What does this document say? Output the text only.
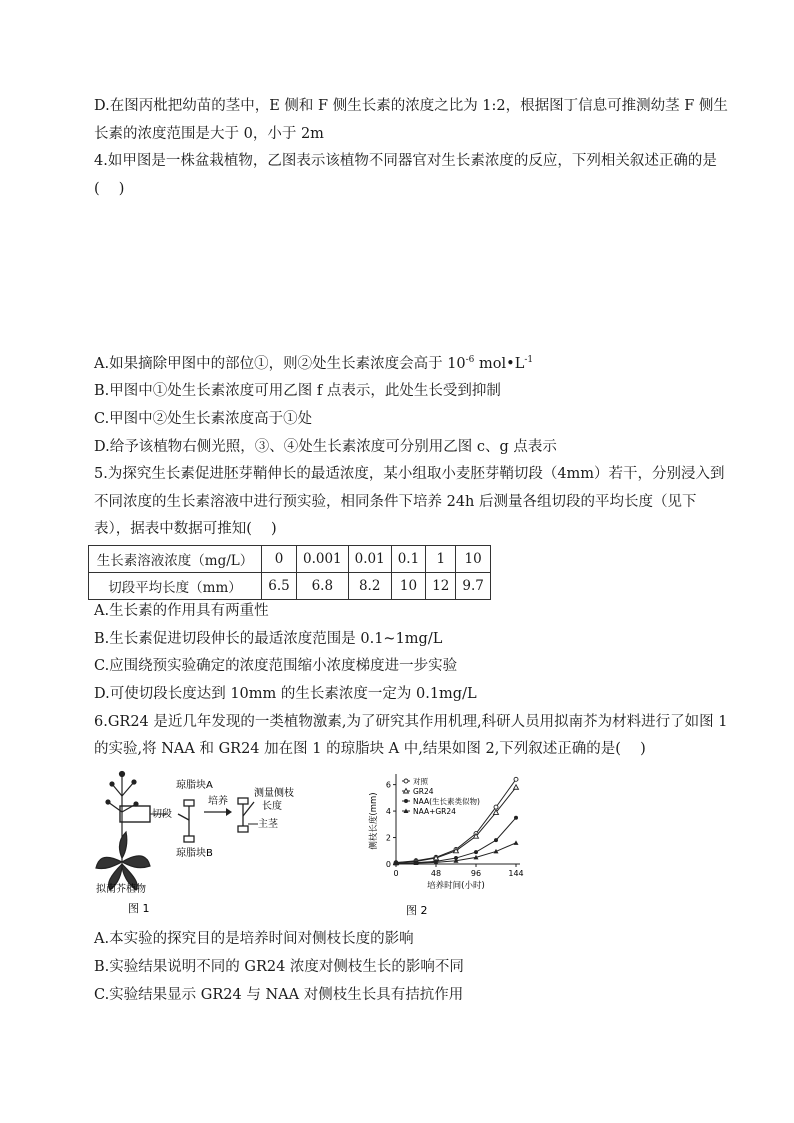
D.在图丙枇把幼苗的茎中，E 侧和 F 侧生长素的浓度之比为 1:2，根据图丁信息可推测幼茎 F 侧生
长素的浓度范围是大于 0，小于 2m
4.如甲图是一株盆栽植物，乙图表示该植物不同器官对生长素浓度的反应，下列相关叙述正确的是
(　 )
A.如果摘除甲图中的部位①，则②处生长素浓度会高于 $10^{-6}$ $mol•L^{-1}$
B.甲图中①处生长素浓度可用乙图 f 点表示，此处生长受到抑制
C.甲图中②处生长素浓度高于①处
D.给予该植物右侧光照，③、④处生长素浓度可分别用乙图 c、g 点表示
5.为探究生长素促进胚芽鞘伸长的最适浓度，某小组取小麦胚芽鞘切段（4mm）若干，分别浸入到
不同浓度的生长素溶液中进行预实验，相同条件下培养 24h 后测量各组切段的平均长度（见下
表），据表中数据可推知(　 )
生长素溶液浓度（mg/L）	0	0.001	0.01	0.1	1	10
切段平均长度（mm）	6.5	6.8	8.2	10	12	9.7
A.生长素的作用具有两重性
B.生长素促进切段伸长的最适浓度范围是 0.1~1mg/L
C.应围绕预实验确定的浓度范围缩小浓度梯度进一步实验
D.可使切段长度达到 10mm 的生长素浓度一定为 0.1mg/L
6.GR24 是近几年发现的一类植物激素,为了研究其作用机理,科研人员用拟南芥为材料进行了如图 1
的实验,将 NAA 和 GR24 加在图 1 的琼脂块 A 中,结果如图 2,下列叙述正确的是(　 )
切段
琼脂块A
琼脂块B
培养
测量侧枝
长度
主茎
拟南芥植物
图 1
0	48	96	144
0
2
4
6
培养时间(小时)
侧枝长度(mm)
对照
GR24
NAA(生长素类似物)
NAA+GR24
图 2
A.本实验的探究目的是培养时间对侧枝长度的影响
B.实验结果说明不同的 GR24 浓度对侧枝生长的影响不同
C.实验结果显示 GR24 与 NAA 对侧枝生长具有拮抗作用
